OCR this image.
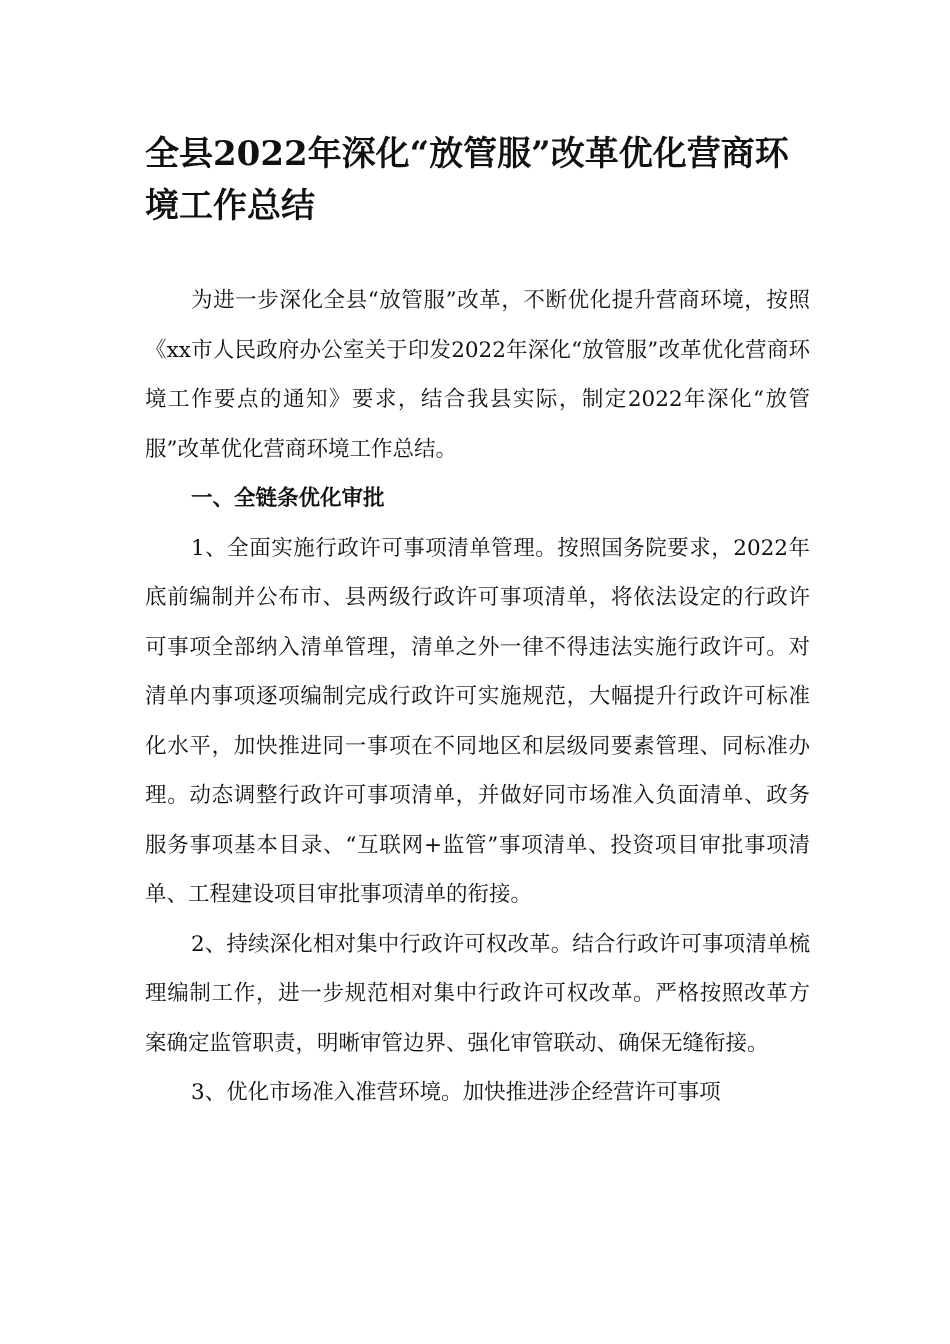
全县2022年深化“放管服”改革优化营商环境工作总结

为进一步深化全县“放管服”改革，不断优化提升营商环境，按照《xx市人民政府办公室关于印发2022年深化“放管服”改革优化营商环境工作要点的通知》要求，结合我县实际，制定2022年深化“放管服”改革优化营商环境工作总结。

一、全链条优化审批

1、全面实施行政许可事项清单管理。按照国务院要求，2022年底前编制并公布市、县两级行政许可事项清单，将依法设定的行政许可事项全部纳入清单管理，清单之外一律不得违法实施行政许可。对清单内事项逐项编制完成行政许可实施规范，大幅提升行政许可标准化水平，加快推进同一事项在不同地区和层级同要素管理、同标准办理。动态调整行政许可事项清单，并做好同市场准入负面清单、政务服务事项基本目录、“互联网+监管”事项清单、投资项目审批事项清单、工程建设项目审批事项清单的衔接。

2、持续深化相对集中行政许可权改革。结合行政许可事项清单梳理编制工作，进一步规范相对集中行政许可权改革。严格按照改革方案确定监管职责，明晰审管边界、强化审管联动、确保无缝衔接。

3、优化市场准入准营环境。加快推进涉企经营许可事项
